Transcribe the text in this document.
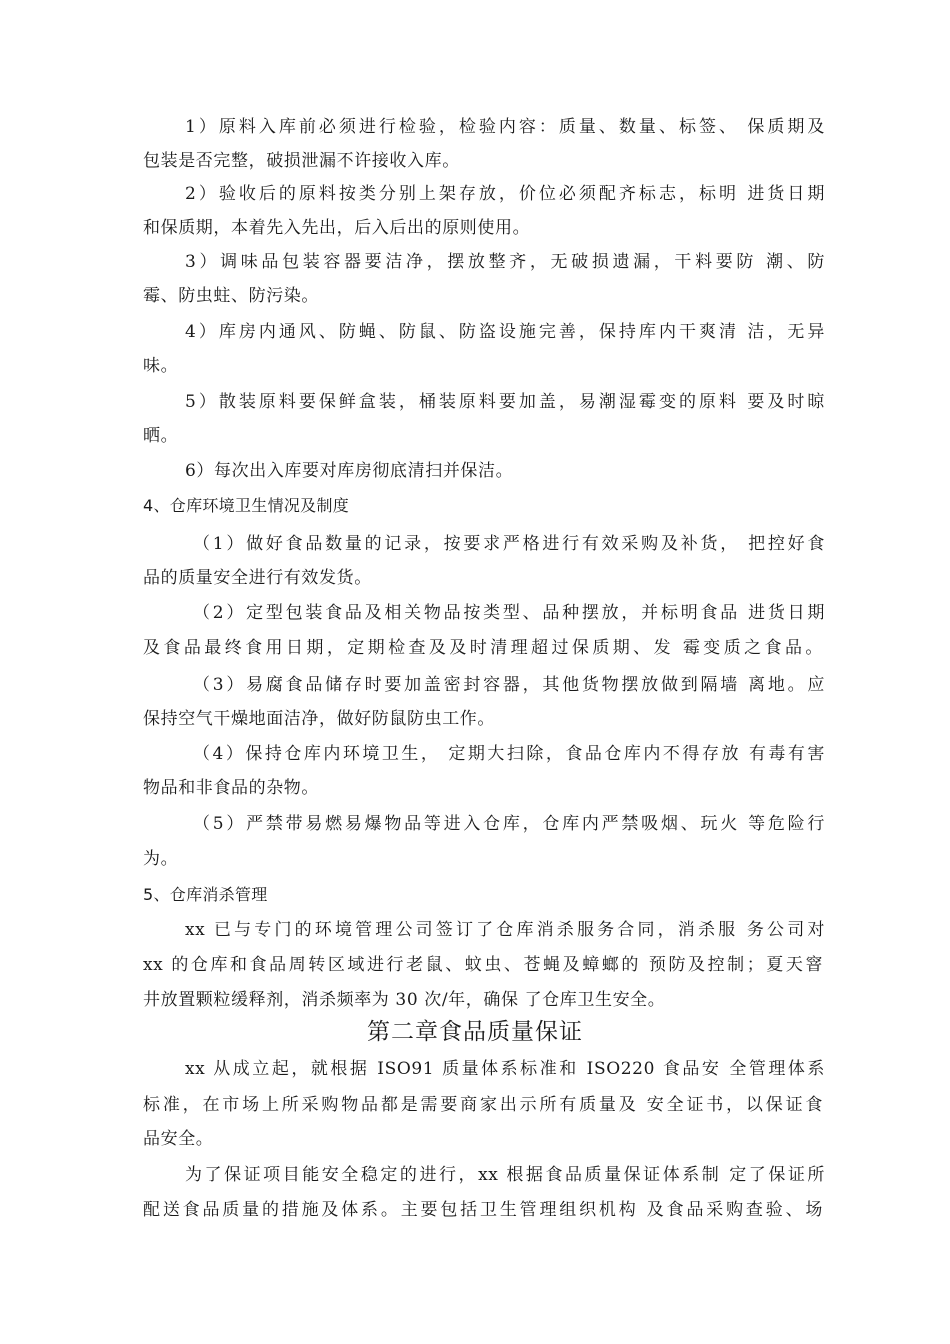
1）原料入库前必须进行检验，检验内容：质量、数量、标签、 保质期及
包装是否完整，破损泄漏不许接收入库。
2）验收后的原料按类分别上架存放，价位必须配齐标志，标明 进货日期
和保质期，本着先入先出，后入后出的原则使用。
3）调味品包装容器要洁净，摆放整齐，无破损遗漏，干料要防 潮、防
霉、防虫蛀、防污染。
4）库房内通风、防蝇、防鼠、防盗设施完善，保持库内干爽清 洁，无异
味。
5）散装原料要保鲜盒装，桶装原料要加盖，易潮湿霉变的原料 要及时晾
晒。
6）每次出入库要对库房彻底清扫并保洁。
4、仓库环境卫生情况及制度
（1）做好食品数量的记录，按要求严格进行有效采购及补货， 把控好食
品的质量安全进行有效发货。
（2）定型包装食品及相关物品按类型、品种摆放，并标明食品 进货日期
及食品最终食用日期，定期检查及及时清理超过保质期、发 霉变质之食品。
（3）易腐食品储存时要加盖密封容器，其他货物摆放做到隔墙 离地。应
保持空气干燥地面洁净，做好防鼠防虫工作。
（4）保持仓库内环境卫生， 定期大扫除，食品仓库内不得存放 有毒有害
物品和非食品的杂物。
（5）严禁带易燃易爆物品等进入仓库，仓库内严禁吸烟、玩火 等危险行
为。
5、仓库消杀管理
xx 已与专门的环境管理公司签订了仓库消杀服务合同，消杀服 务公司对
xx 的仓库和食品周转区域进行老鼠、蚊虫、苍蝇及蟑螂的 预防及控制；夏天窨
井放置颗粒缓释剂，消杀频率为 30 次/年，确保 了仓库卫生安全。
第二章食品质量保证
xx 从成立起，就根据 ISO91 质量体系标准和 ISO220 食品安 全管理体系
标准，在市场上所采购物品都是需要商家出示所有质量及 安全证书，以保证食
品安全。
为了保证项目能安全稳定的进行，xx 根据食品质量保证体系制 定了保证所
配送食品质量的措施及体系。主要包括卫生管理组织机构 及食品采购查验、场
